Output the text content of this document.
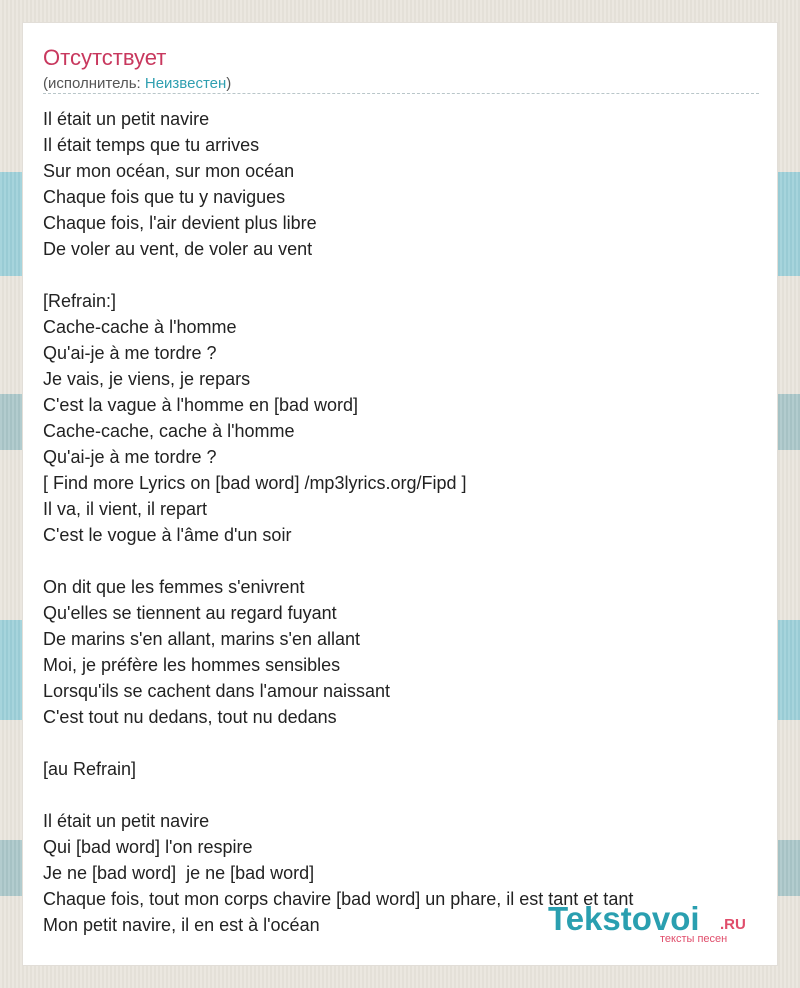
Отсутствует
(исполнитель: Неизвестен)
Il était un petit navire
Il était temps que tu arrives
Sur mon océan, sur mon océan
Chaque fois que tu y navigues
Chaque fois, l'air devient plus libre
De voler au vent, de voler au vent
[Refrain:]
Cache-cache à l'homme
Qu'ai-je à me tordre ?
Je vais, je viens, je repars
C'est la vague à l'homme en [bad word]
Cache-cache, cache à l'homme
Qu'ai-je à me tordre ?
[ Find more Lyrics on [bad word] /mp3lyrics.org/Fipd ]
Il va, il vient, il repart
C'est le vogue à l'âme d'un soir
On dit que les femmes s'enivrent
Qu'elles se tiennent au regard fuyant
De marins s'en allant, marins s'en allant
Moi, je préfère les hommes sensibles
Lorsqu'ils se cachent dans l'amour naissant
C'est tout nu dedans, tout nu dedans
[au Refrain]
Il était un petit navire
Qui [bad word] l'on respire
Je ne [bad word]  je ne [bad word]
Chaque fois, tout mon corps chavire [bad word] un phare, il est tant et tant
Mon petit navire, il en est à l'océan	Tekstovoi .RU
тексты песен
